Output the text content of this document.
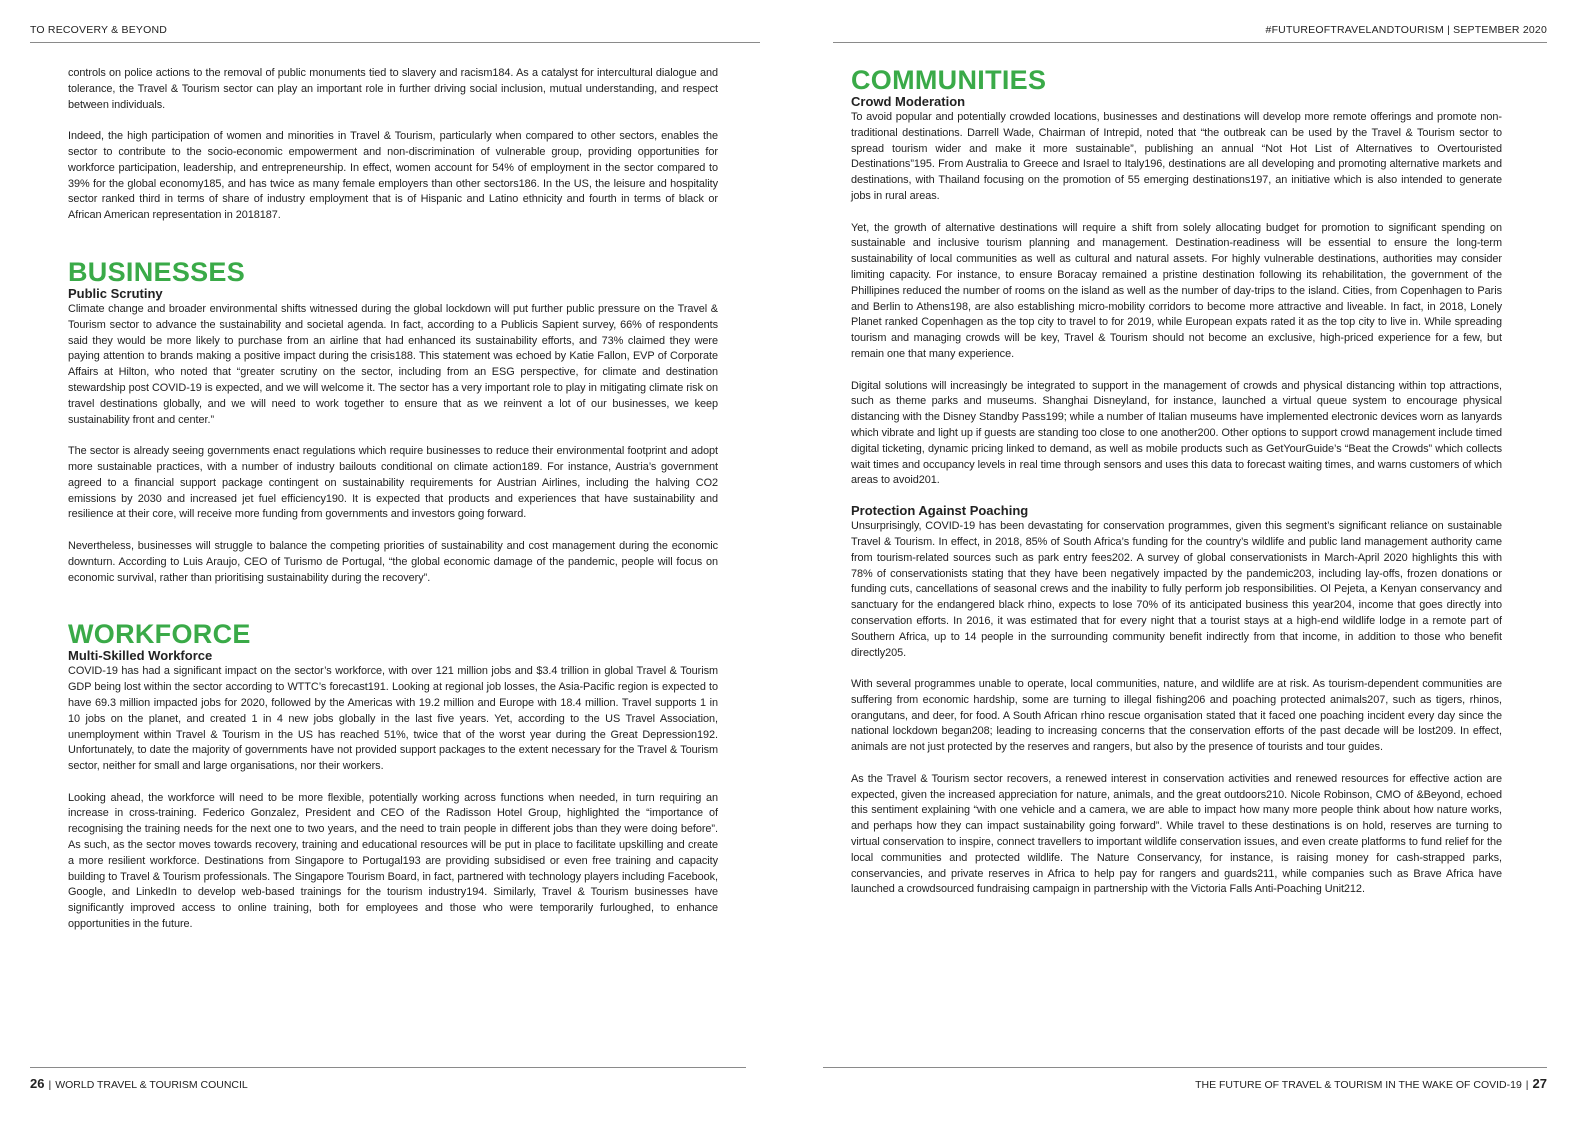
TO RECOVERY & BEYOND

controls on police actions to the removal of public monuments tied to slavery and racism184. As a catalyst for intercultural dialogue and tolerance, the Travel & Tourism sector can play an important role in further driving social inclusion, mutual understanding, and respect between individuals.

Indeed, the high participation of women and minorities in Travel & Tourism, particularly when compared to other sectors, enables the sector to contribute to the socio-economic empowerment and non-discrimination of vulnerable group, providing opportunities for workforce participation, leadership, and entrepreneurship. In effect, women account for 54% of employment in the sector compared to 39% for the global economy185, and has twice as many female employers than other sectors186. In the US, the leisure and hospitality sector ranked third in terms of share of industry employment that is of Hispanic and Latino ethnicity and fourth in terms of black or African American representation in 2018187.

BUSINESSES
Public Scrutiny

Climate change and broader environmental shifts witnessed during the global lockdown will put further public pressure on the Travel & Tourism sector to advance the sustainability and societal agenda. In fact, according to a Publicis Sapient survey, 66% of respondents said they would be more likely to purchase from an airline that had enhanced its sustainability efforts, and 73% claimed they were paying attention to brands making a positive impact during the crisis188. This statement was echoed by Katie Fallon, EVP of Corporate Affairs at Hilton, who noted that “greater scrutiny on the sector, including from an ESG perspective, for climate and destination stewardship post COVID-19 is expected, and we will welcome it. The sector has a very important role to play in mitigating climate risk on travel destinations globally, and we will need to work together to ensure that as we reinvent a lot of our businesses, we keep sustainability front and center.”

The sector is already seeing governments enact regulations which require businesses to reduce their environmental footprint and adopt more sustainable practices, with a number of industry bailouts conditional on climate action189. For instance, Austria’s government agreed to a financial support package contingent on sustainability requirements for Austrian Airlines, including the halving CO2 emissions by 2030 and increased jet fuel efficiency190. It is expected that products and experiences that have sustainability and resilience at their core, will receive more funding from governments and investors going forward.

Nevertheless, businesses will struggle to balance the competing priorities of sustainability and cost management during the economic downturn. According to Luis Araujo, CEO of Turismo de Portugal, “the global economic damage of the pandemic, people will focus on economic survival, rather than prioritising sustainability during the recovery”.

WORKFORCE
Multi-Skilled Workforce

COVID-19 has had a significant impact on the sector’s workforce, with over 121 million jobs and $3.4 trillion in global Travel & Tourism GDP being lost within the sector according to WTTC’s forecast191. Looking at regional job losses, the Asia-Pacific region is expected to have 69.3 million impacted jobs for 2020, followed by the Americas with 19.2 million and Europe with 18.4 million. Travel supports 1 in 10 jobs on the planet, and created 1 in 4 new jobs globally in the last five years. Yet, according to the US Travel Association, unemployment within Travel & Tourism in the US has reached 51%, twice that of the worst year during the Great Depression192. Unfortunately, to date the majority of governments have not provided support packages to the extent necessary for the Travel & Tourism sector, neither for small and large organisations, nor their workers.

Looking ahead, the workforce will need to be more flexible, potentially working across functions when needed, in turn requiring an increase in cross-training. Federico Gonzalez, President and CEO of the Radisson Hotel Group, highlighted the “importance of recognising the training needs for the next one to two years, and the need to train people in different jobs than they were doing before”. As such, as the sector moves towards recovery, training and educational resources will be put in place to facilitate upskilling and create a more resilient workforce. Destinations from Singapore to Portugal193 are providing subsidised or even free training and capacity building to Travel & Tourism professionals. The Singapore Tourism Board, in fact, partnered with technology players including Facebook, Google, and LinkedIn to develop web-based trainings for the tourism industry194. Similarly, Travel & Tourism businesses have significantly improved access to online training, both for employees and those who were temporarily furloughed, to enhance opportunities in the future.

26 | WORLD TRAVEL & TOURISM COUNCIL
#FUTUREOFTRAVELANDTOURISM | SEPTEMBER 2020
COMMUNITIES
Crowd Moderation

To avoid popular and potentially crowded locations, businesses and destinations will develop more remote offerings and promote non-traditional destinations. Darrell Wade, Chairman of Intrepid, noted that “the outbreak can be used by the Travel & Tourism sector to spread tourism wider and make it more sustainable”, publishing an annual “Not Hot List of Alternatives to Overtouristed Destinations”195. From Australia to Greece and Israel to Italy196, destinations are all developing and promoting alternative markets and destinations, with Thailand focusing on the promotion of 55 emerging destinations197, an initiative which is also intended to generate jobs in rural areas.

Yet, the growth of alternative destinations will require a shift from solely allocating budget for promotion to significant spending on sustainable and inclusive tourism planning and management. Destination-readiness will be essential to ensure the long-term sustainability of local communities as well as cultural and natural assets. For highly vulnerable destinations, authorities may consider limiting capacity. For instance, to ensure Boracay remained a pristine destination following its rehabilitation, the government of the Phillipines reduced the number of rooms on the island as well as the number of day-trips to the island. Cities, from Copenhagen to Paris and Berlin to Athens198, are also establishing micro-mobility corridors to become more attractive and liveable. In fact, in 2018, Lonely Planet ranked Copenhagen as the top city to travel to for 2019, while European expats rated it as the top city to live in. While spreading tourism and managing crowds will be key, Travel & Tourism should not become an exclusive, high-priced experience for a few, but remain one that many experience.

Digital solutions will increasingly be integrated to support in the management of crowds and physical distancing within top attractions, such as theme parks and museums. Shanghai Disneyland, for instance, launched a virtual queue system to encourage physical distancing with the Disney Standby Pass199; while a number of Italian museums have implemented electronic devices worn as lanyards which vibrate and light up if guests are standing too close to one another200. Other options to support crowd management include timed digital ticketing, dynamic pricing linked to demand, as well as mobile products such as GetYourGuide’s “Beat the Crowds” which collects wait times and occupancy levels in real time through sensors and uses this data to forecast waiting times, and warns customers of which areas to avoid201.

Protection Against Poaching

Unsurprisingly, COVID-19 has been devastating for conservation programmes, given this segment’s significant reliance on sustainable Travel & Tourism. In effect, in 2018, 85% of South Africa’s funding for the country’s wildlife and public land management authority came from tourism-related sources such as park entry fees202. A survey of global conservationists in March-April 2020 highlights this with 78% of conservationists stating that they have been negatively impacted by the pandemic203, including lay-offs, frozen donations or funding cuts, cancellations of seasonal crews and the inability to fully perform job responsibilities. Ol Pejeta, a Kenyan conservancy and sanctuary for the endangered black rhino, expects to lose 70% of its anticipated business this year204, income that goes directly into conservation efforts. In 2016, it was estimated that for every night that a tourist stays at a high-end wildlife lodge in a remote part of Southern Africa, up to 14 people in the surrounding community benefit indirectly from that income, in addition to those who benefit directly205.

With several programmes unable to operate, local communities, nature, and wildlife are at risk. As tourism-dependent communities are suffering from economic hardship, some are turning to illegal fishing206 and poaching protected animals207, such as tigers, rhinos, orangutans, and deer, for food. A South African rhino rescue organisation stated that it faced one poaching incident every day since the national lockdown began208; leading to increasing concerns that the conservation efforts of the past decade will be lost209. In effect, animals are not just protected by the reserves and rangers, but also by the presence of tourists and tour guides.

As the Travel & Tourism sector recovers, a renewed interest in conservation activities and renewed resources for effective action are expected, given the increased appreciation for nature, animals, and the great outdoors210. Nicole Robinson, CMO of &Beyond, echoed this sentiment explaining “with one vehicle and a camera, we are able to impact how many more people think about how nature works, and perhaps how they can impact sustainability going forward”. While travel to these destinations is on hold, reserves are turning to virtual conservation to inspire, connect travellers to important wildlife conservation issues, and even create platforms to fund relief for the local communities and protected wildlife. The Nature Conservancy, for instance, is raising money for cash-strapped parks, conservancies, and private reserves in Africa to help pay for rangers and guards211, while companies such as Brave Africa have launched a crowdsourced fundraising campaign in partnership with the Victoria Falls Anti-Poaching Unit212.

THE FUTURE OF TRAVEL & TOURISM IN THE WAKE OF COVID-19 | 27
